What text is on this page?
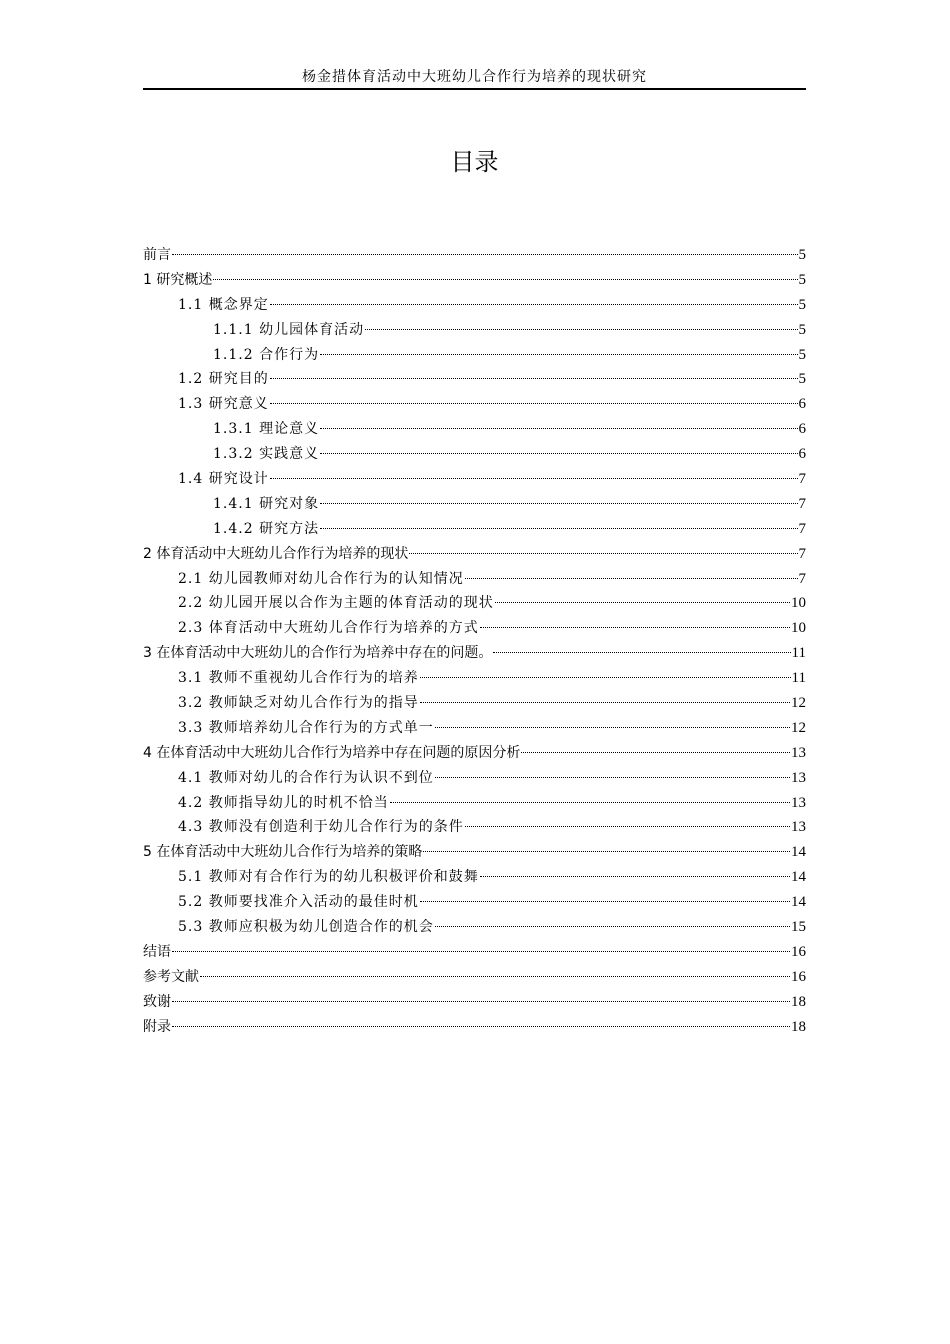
杨金措体育活动中大班幼儿合作行为培养的现状研究
目录
前言	5
1 研究概述	5
1.1 概念界定	5
1.1.1 幼儿园体育活动	5
1.1.2 合作行为	5
1.2 研究目的	5
1.3 研究意义	6
1.3.1 理论意义	6
1.3.2 实践意义	6
1.4 研究设计	7
1.4.1 研究对象	7
1.4.2 研究方法	7
2 体育活动中大班幼儿合作行为培养的现状	7
2.1 幼儿园教师对幼儿合作行为的认知情况	7
2.2 幼儿园开展以合作为主题的体育活动的现状	10
2.3 体育活动中大班幼儿合作行为培养的方式	10
3 在体育活动中大班幼儿的合作行为培养中存在的问题。	11
3.1 教师不重视幼儿合作行为的培养	11
3.2 教师缺乏对幼儿合作行为的指导	12
3.3 教师培养幼儿合作行为的方式单一	12
4 在体育活动中大班幼儿合作行为培养中存在问题的原因分析	13
4.1 教师对幼儿的合作行为认识不到位	13
4.2 教师指导幼儿的时机不恰当	13
4.3 教师没有创造利于幼儿合作行为的条件	13
5 在体育活动中大班幼儿合作行为培养的策略	14
5.1 教师对有合作行为的幼儿积极评价和鼓舞	14
5.2 教师要找准介入活动的最佳时机	14
5.3 教师应积极为幼儿创造合作的机会	15
结语	16
参考文献	16
致谢	18
附录	18
